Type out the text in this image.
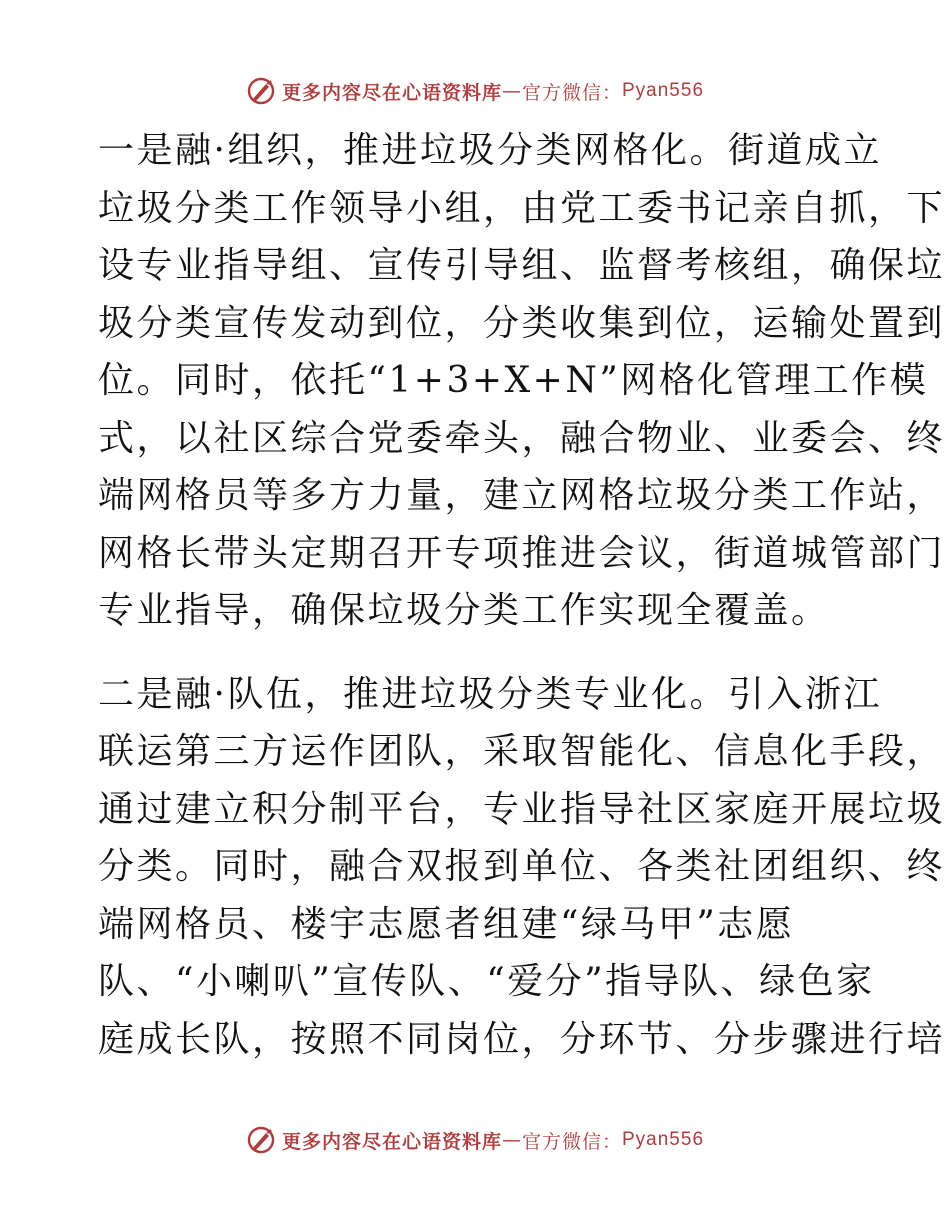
更多内容尽在心语资料库 — 官方微信： Pyan556
一是融·组织，推进垃圾分类网格化。街道成立
垃圾分类工作领导小组，由党工委书记亲自抓，下
设专业指导组、宣传引导组、监督考核组，确保垃
圾分类宣传发动到位，分类收集到位，运输处置到
位。同时，依托“1+3+X+N”网格化管理工作模
式，以社区综合党委牵头，融合物业、业委会、终
端网格员等多方力量，建立网格垃圾分类工作站，
网格长带头定期召开专项推进会议，街道城管部门
专业指导，确保垃圾分类工作实现全覆盖。
二是融·队伍，推进垃圾分类专业化。引入浙江
联运第三方运作团队，采取智能化、信息化手段，
通过建立积分制平台，专业指导社区家庭开展垃圾
分类。同时，融合双报到单位、各类社团组织、终
端网格员、楼宇志愿者组建“绿马甲”志愿
队、“小喇叭”宣传队、“爱分”指导队、绿色家
庭成长队，按照不同岗位，分环节、分步骤进行培
更多内容尽在心语资料库 — 官方微信： Pyan556
